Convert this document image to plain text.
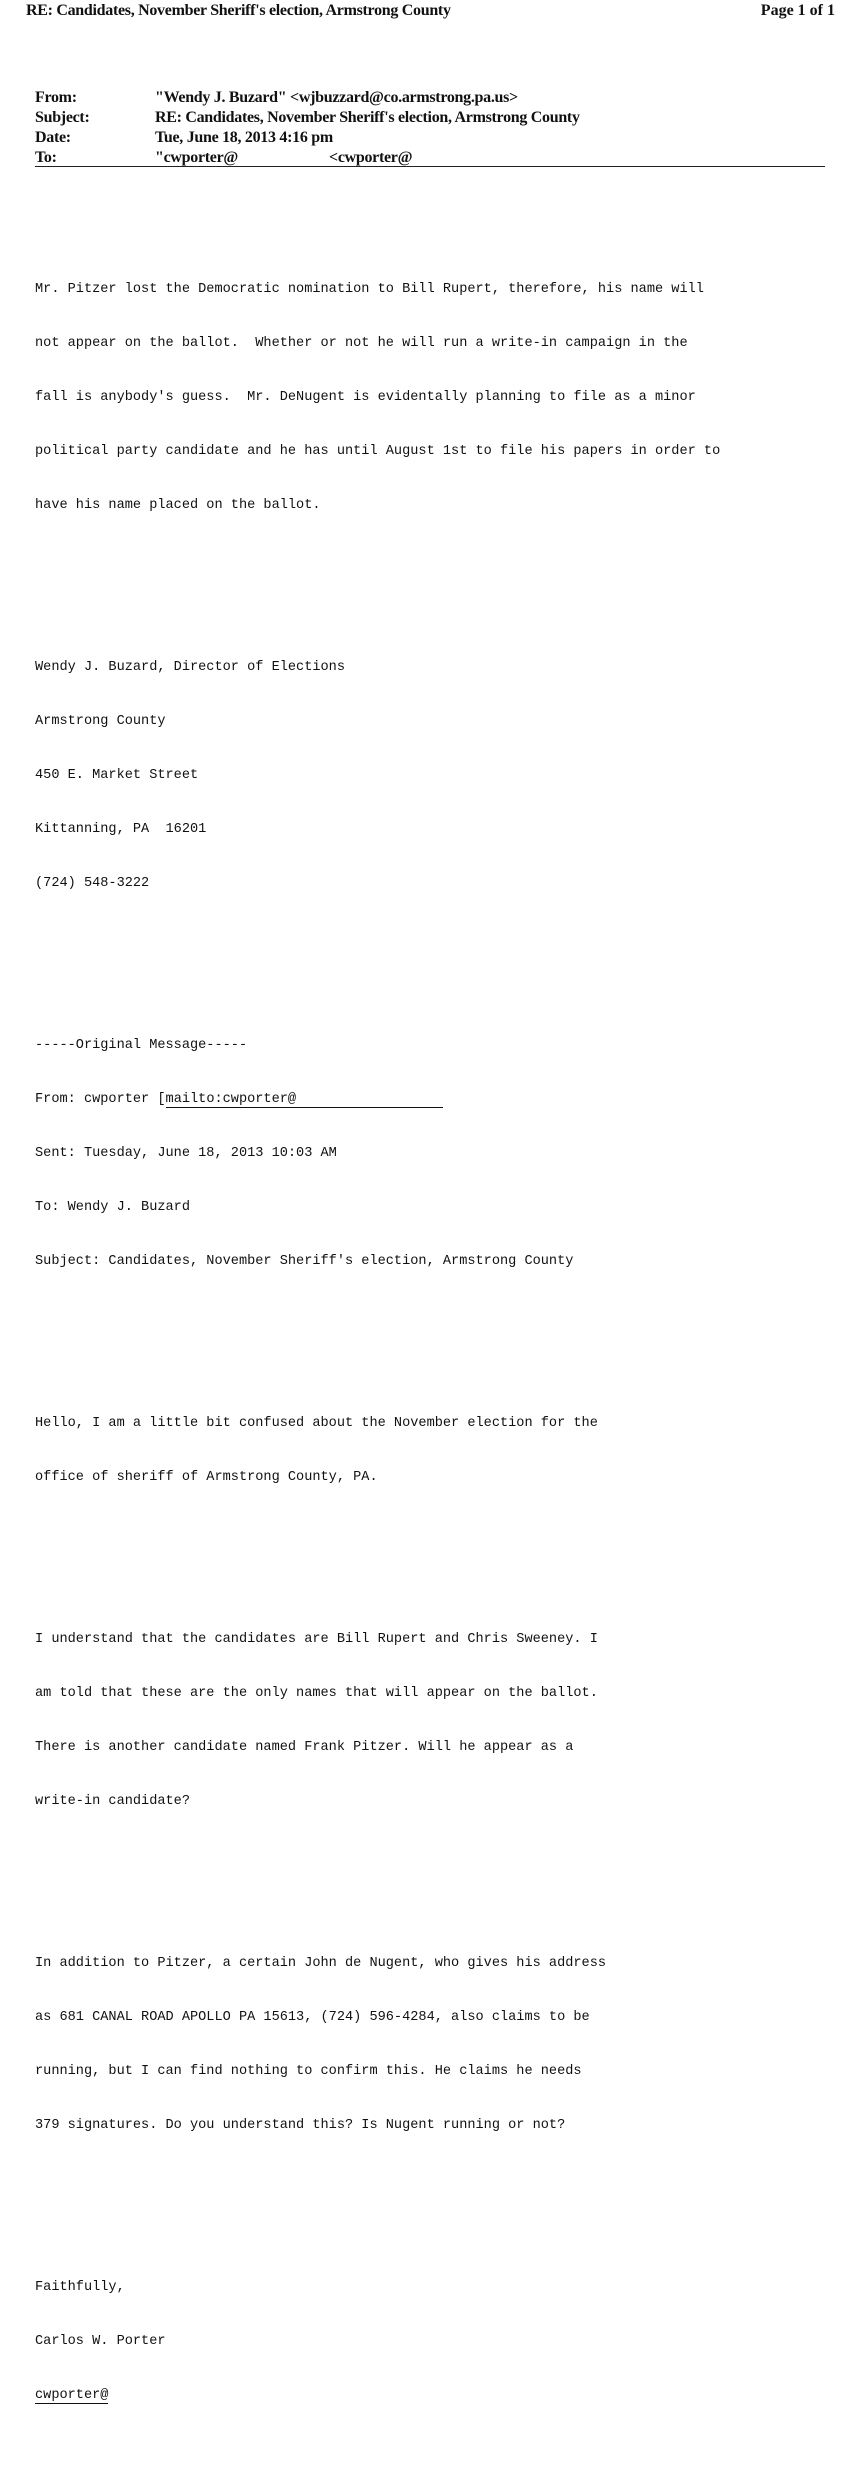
RE: Candidates, November Sheriff's election, Armstrong County	Page 1 of 1
From:	"Wendy J. Buzard" <wjbuzzard@co.armstrong.pa.us>
Subject:	RE: Candidates, November Sheriff's election, Armstrong County
Date:	Tue, June 18, 2013 4:16 pm
To:	"cwporter@	<cwporter@

Mr. Pitzer lost the Democratic nomination to Bill Rupert, therefore, his name will

not appear on the ballot.  Whether or not he will run a write-in campaign in the

fall is anybody's guess.  Mr. DeNugent is evidentally planning to file as a minor

political party candidate and he has until August 1st to file his papers in order to

have his name placed on the ballot.

Wendy J. Buzard, Director of Elections

Armstrong County

450 E. Market Street

Kittanning, PA  16201

(724) 548-3222

-----Original Message-----

From: cwporter [mailto:cwporter@

Sent: Tuesday, June 18, 2013 10:03 AM

To: Wendy J. Buzard

Subject: Candidates, November Sheriff's election, Armstrong County

Hello, I am a little bit confused about the November election for the

office of sheriff of Armstrong County, PA.

I understand that the candidates are Bill Rupert and Chris Sweeney. I

am told that these are the only names that will appear on the ballot.

There is another candidate named Frank Pitzer. Will he appear as a

write-in candidate?

In addition to Pitzer, a certain John de Nugent, who gives his address

as 681 CANAL ROAD APOLLO PA 15613, (724) 596-4284, also claims to be

running, but I can find nothing to confirm this. He claims he needs

379 signatures. Do you understand this? Is Nugent running or not?

Faithfully,

Carlos W. Porter

cwporter@
